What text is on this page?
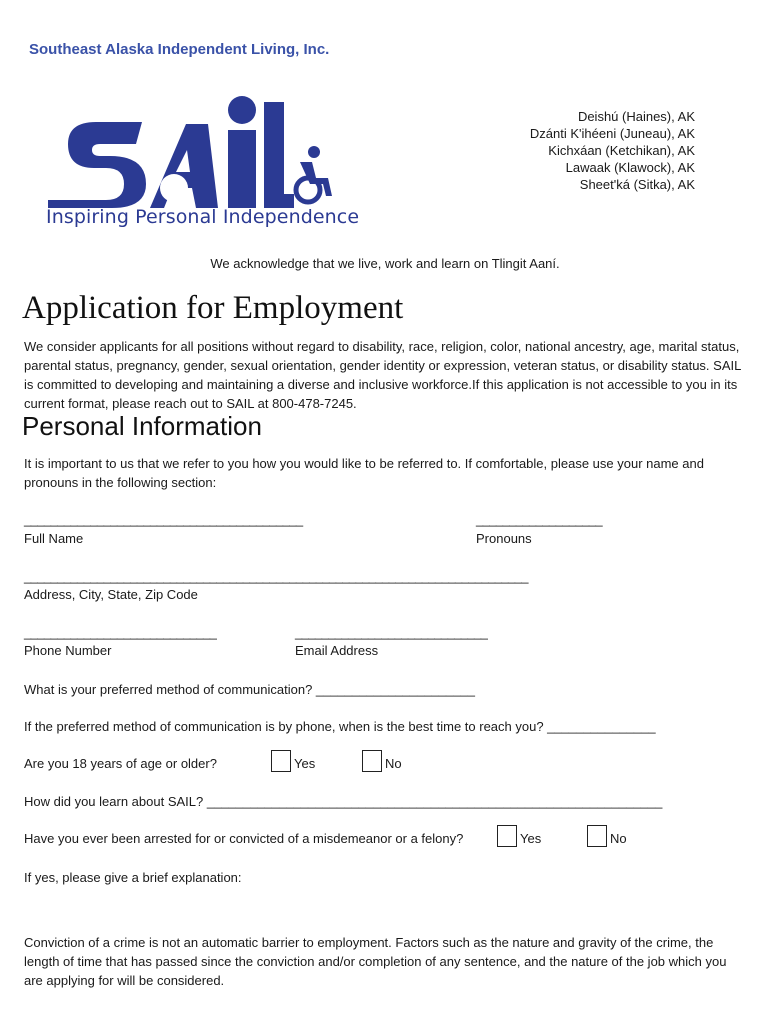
Southeast Alaska Independent Living, Inc.
Inspiring Personal Independence
Deishú (Haines), AK
Dzánti K'ihéeni (Juneau), AK
Kichxáan (Ketchikan), AK
Lawaak (Klawock), AK
Sheet'ká (Sitka), AK
We acknowledge that we live, work and learn on Tlingit Aaní.
Application for Employment
We consider applicants for all positions without regard to disability, race, religion, color, national ancestry, age, marital status, parental status, pregnancy, gender, sexual orientation, gender identity or expression, veteran status, or disability status. SAIL is committed to developing and maintaining a diverse and inclusive workforce.If this application is not accessible to you in its current format, please reach out to SAIL at 800-478-7245.
Personal Information
It is important to us that we refer to you how you would like to be referred to. If comfortable, please use your name and pronouns in the following section:
__________________________________________
Full Name
___________________
Pronouns
____________________________________________________________________________
Address, City, State, Zip Code
_____________________________
Phone Number
_____________________________
Email Address
What is your preferred method of communication? ______________________
If the preferred method of communication is by phone, when is the best time to reach you? _______________
Are you 18 years of age or older?	Yes	No
How did you learn about SAIL? _______________________________________________________________
Have you ever been arrested for or convicted of a misdemeanor or a felony?	Yes	No
If yes, please give a brief explanation:
Conviction of a crime is not an automatic barrier to employment. Factors such as the nature and gravity of the crime, the length of time that has passed since the conviction and/or completion of any sentence, and the nature of the job which you are applying for will be considered.
